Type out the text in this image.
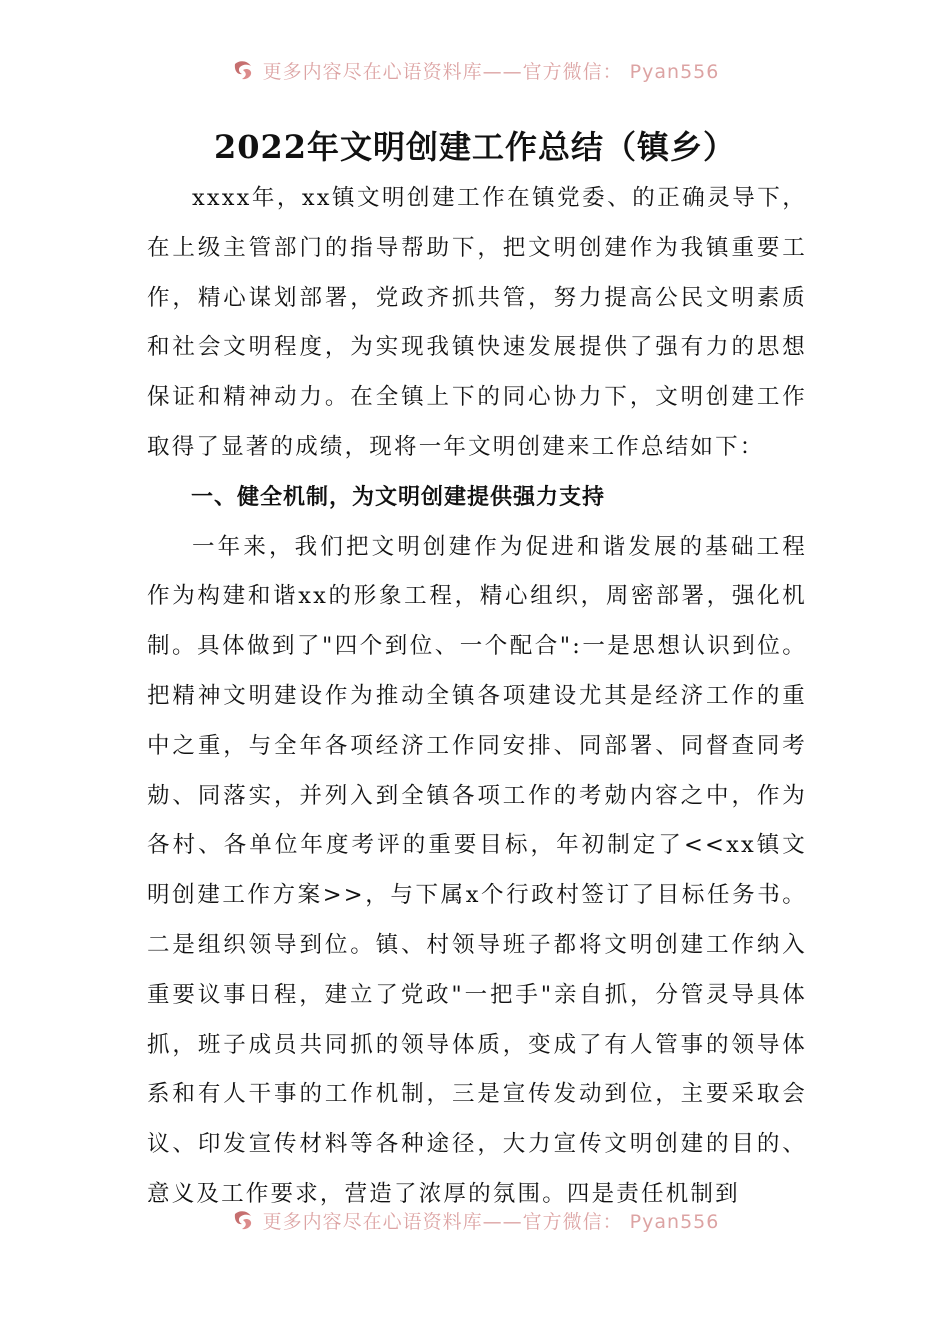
更多内容尽在心语资料库——官方微信： Pyan556
2022年文明创建工作总结（镇乡）

xxxx年，xx镇文明创建工作在镇党委、的正确灵导下，在上级主管部门的指导帮助下，把文明创建作为我镇重要工作，精心谋划部署，党政齐抓共管，努力提高公民文明素质和社会文明程度，为实现我镇快速发展提供了强有力的思想保证和精神动力。在全镇上下的同心协力下，文明创建工作取得了显著的成绩，现将一年文明创建来工作总结如下：

一、健全机制，为文明创建提供强力支持

一年来，我们把文明创建作为促进和谐发展的基础工程作为构建和谐xx的形象工程，精心组织，周密部署，强化机制。具体做到了"四个到位、一个配合":一是思想认识到位。把精神文明建设作为推动全镇各项建设尤其是经济工作的重中之重，与全年各项经济工作同安排、同部署、同督查同考勀、同落实，并列入到全镇各项工作的考勀内容之中，作为各村、各单位年度考评的重要目标，年初制定了<<xx镇文明创建工作方案>>，与下属x个行政村签订了目标任务书。二是组织领导到位。镇、村领导班子都将文明创建工作纳入重要议事日程，建立了党政"一把手"亲自抓，分管灵导具体抓，班子成员共同抓的领导体质，变成了有人管事的领导体系和有人干事的工作机制，三是宣传发动到位，主要采取会议、印发宣传材料等各种途径，大力宣传文明创建的目的、意义及工作要求，营造了浓厚的氛围。四是责任机制到

更多内容尽在心语资料库——官方微信： Pyan556
